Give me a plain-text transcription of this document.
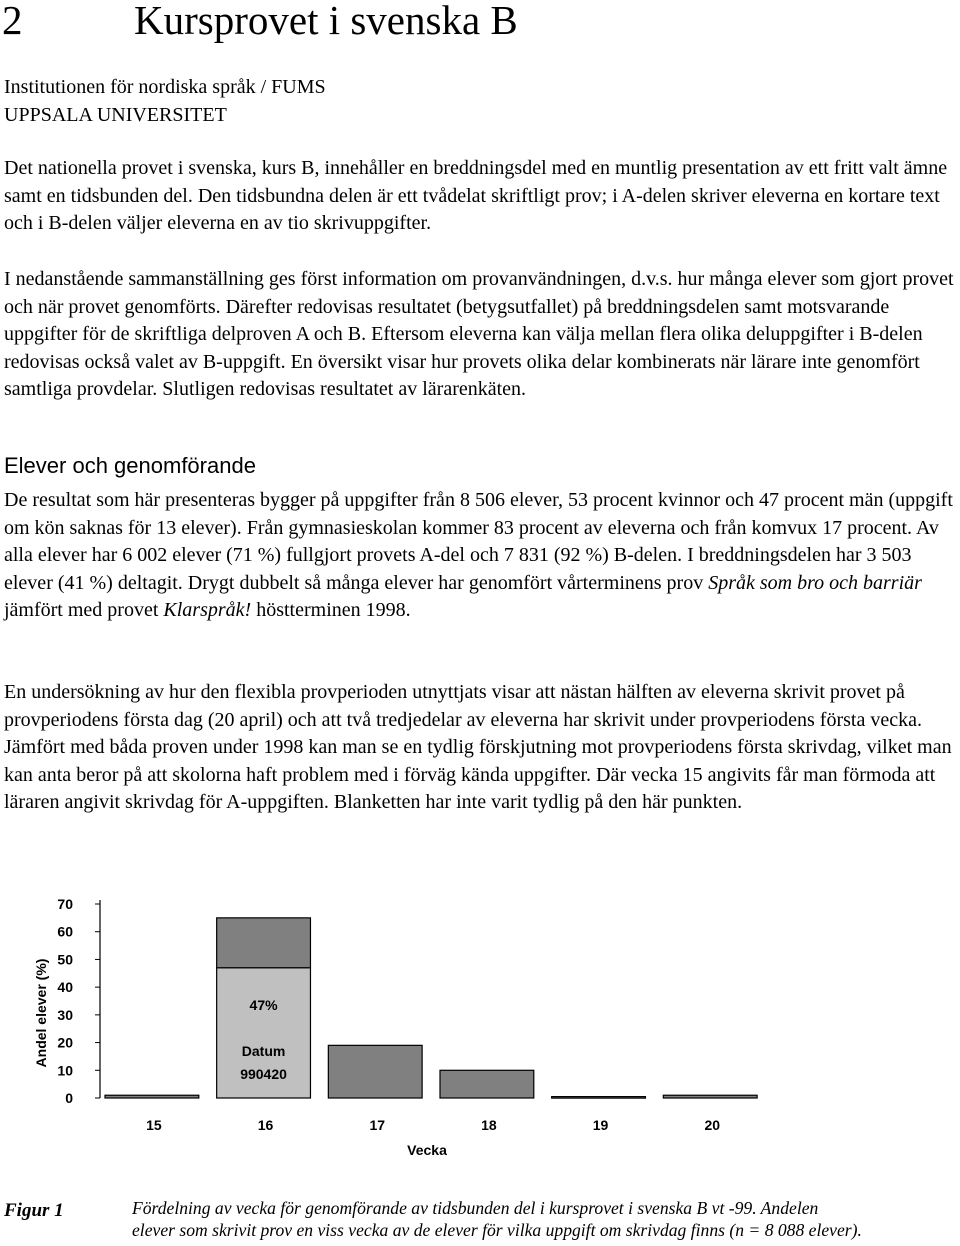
2	Kursprovet i svenska B
Institutionen för nordiska språk / FUMS
UPPSALA UNIVERSITET
Det nationella provet i svenska, kurs B, innehåller en breddningsdel med en muntlig presentation av ett fritt valt ämne samt en tidsbunden del. Den tidsbundna delen är ett tvådelat skriftligt prov; i A-delen skriver eleverna en kortare text och i B-delen väljer eleverna en av tio skrivuppgifter.
I nedanstående sammanställning ges först information om provanvändningen, d.v.s. hur många elever som gjort provet och när provet genomförts. Därefter redovisas resultatet (betygsutfallet) på breddningsdelen samt motsvarande uppgifter för de skriftliga delproven A och B. Eftersom eleverna kan välja mellan flera olika deluppgifter i B-delen redovisas också valet av B-uppgift. En översikt visar hur provets olika delar kombinerats när lärare inte genomfört samtliga provdelar. Slutligen redovisas resultatet av lärarenkäten.
Elever och genomförande
De resultat som här presenteras bygger på uppgifter från 8 506 elever, 53 procent kvinnor och 47 procent män (uppgift om kön saknas för 13 elever). Från gymnasieskolan kommer 83 procent av eleverna och från komvux 17 procent. Av alla elever har 6 002 elever (71 %) fullgjort provets A-del och 7 831 (92 %) B-delen. I breddningsdelen har 3 503 elever (41 %) deltagit. Drygt dubbelt så många elever har genomfört vårterminens prov Språk som bro och barriär jämfört med provet Klarspråk! höstterminen 1998.
En undersökning av hur den flexibla provperioden utnyttjats visar att nästan hälften av eleverna skrivit provet på provperiodens första dag (20 april) och att två tredjedelar av eleverna har skrivit under provperiodens första vecka. Jämfört med båda proven under 1998 kan man se en tydlig förskjutning mot provperiodens första skrivdag, vilket man kan anta beror på att skolorna haft problem med i förväg kända uppgifter. Där vecka 15 angivits får man förmoda att läraren angivit skrivdag för A-uppgiften. Blanketten har inte varit tydlig på den här punkten.
0
10
20
30
40
50
60
70
15	16	17	18	19	20
47%
Datum
990420
Vecka
Andel elever (%)
Figur 1	Fördelning av vecka för genomförande av tidsbunden del i kursprovet i svenska B vt -99. Andelen
elever som skrivit prov en viss vecka av de elever för vilka uppgift om skrivdag finns (n = 8 088 elever).
